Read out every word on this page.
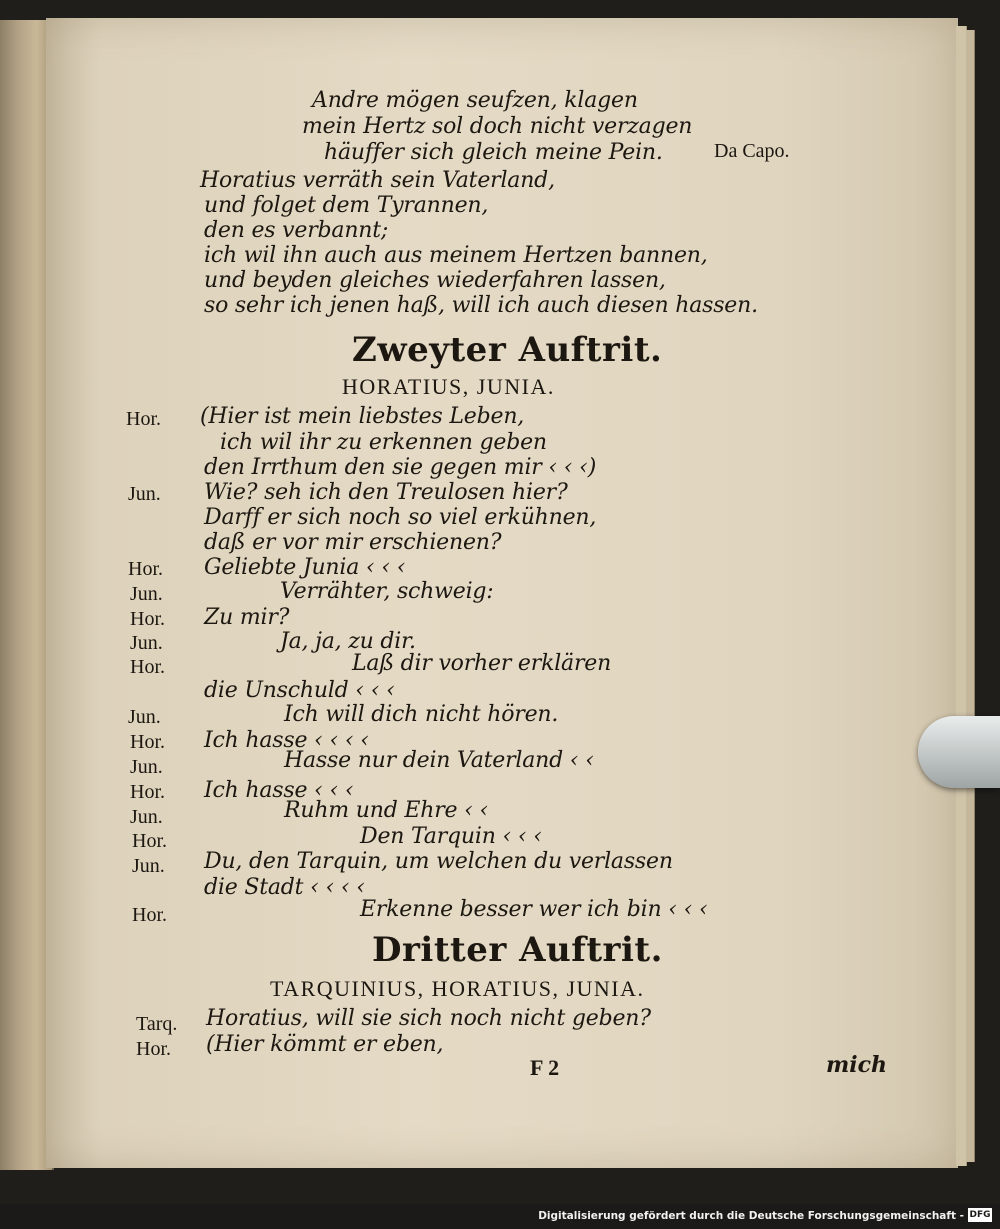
Andre mögen seufzen, klagen
mein Hertz sol doch nicht verzagen
häuffer sich gleich meine Pein.	Da Capo.
Horatius verräth sein Vaterland,
und folget dem Tyrannen,
den es verbannt;
ich wil ihn auch aus meinem Hertzen bannen,
und beyden gleiches wiederfahren lassen,
so sehr ich jenen haß, will ich auch diesen hassen.
Zweyter Auftrit.
HORATIUS, JUNIA.
Hor. (Hier ist mein liebstes Leben,
ich wil ihr zu erkennen geben
den Irrthum den sie gegen mir ‹ ‹ ‹)
Jun. Wie? seh ich den Treulosen hier?
Darff er sich noch so viel erkühnen,
daß er vor mir erschienen?
Hor. Geliebte Junia ‹ ‹ ‹
Jun.	Verrähter, schweig:
Hor. Zu mir?
Jun.	Ja, ja, zu dir.
Hor.	Laß dir vorher erklären
die Unschuld ‹ ‹ ‹
Jun.	Ich will dich nicht hören.
Hor. Ich hasse ‹ ‹ ‹ ‹
Jun.	Hasse nur dein Vaterland ‹ ‹
Hor. Ich hasse ‹ ‹ ‹
Jun.	Ruhm und Ehre ‹ ‹
Hor.	Den Tarquin ‹ ‹ ‹
Jun. Du, den Tarquin, um welchen du verlassen
die Stadt ‹ ‹ ‹ ‹
Hor.	Erkenne besser wer ich bin ‹ ‹ ‹
Dritter Auftrit.
TARQUINIUS, HORATIUS, JUNIA.
Tarq. Horatius, will sie sich noch nicht geben?
Hor. (Hier kömmt er eben,
F 2	mich
Digitalisierung gefördert durch die Deutsche Forschungsgemeinschaft - DFG
